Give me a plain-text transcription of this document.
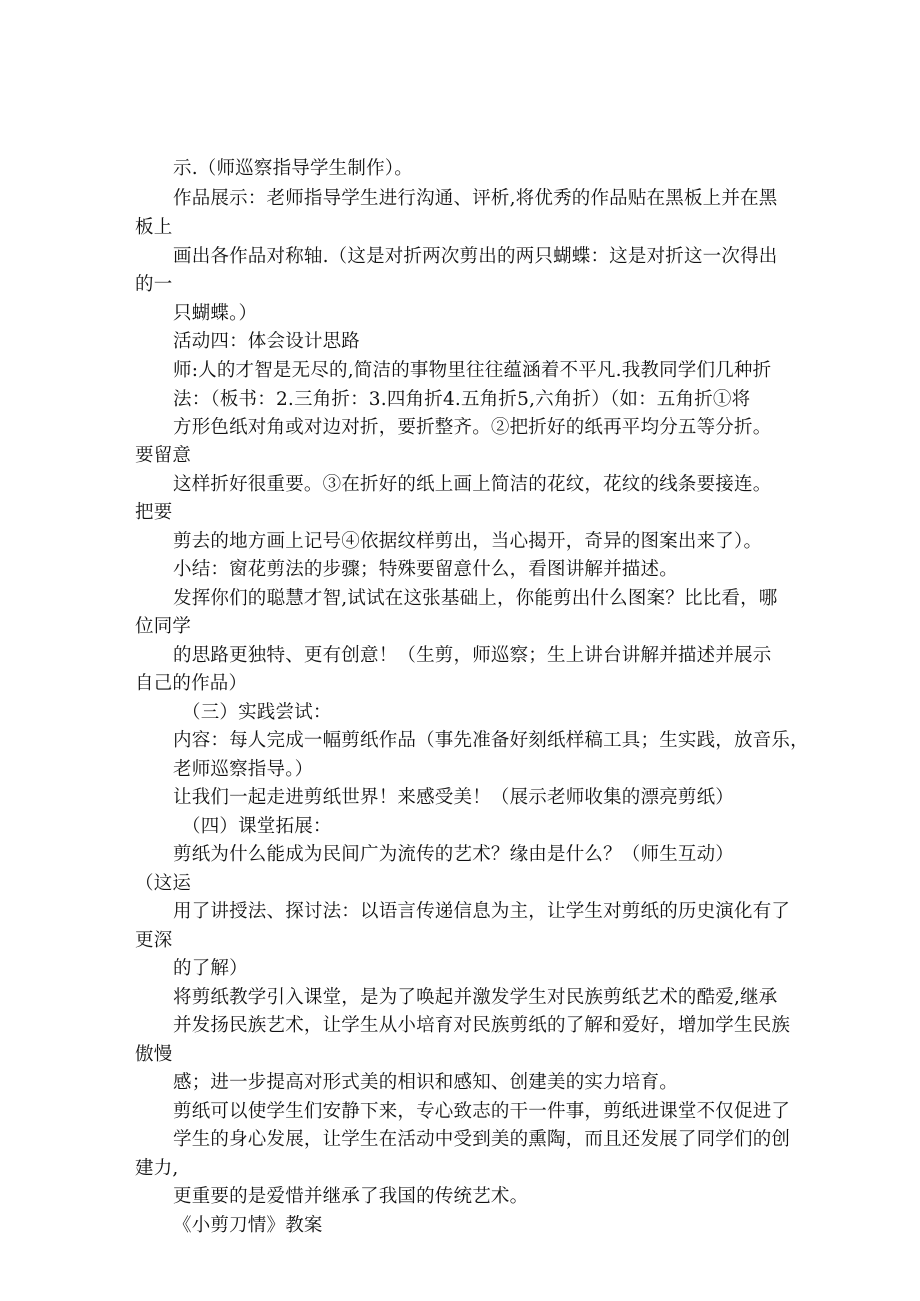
示.（师巡察指导学生制作）。
作品展示：老师指导学生进行沟通、评析,将优秀的作品贴在黑板上并在黑
板上
画出各作品对称轴.（这是对折两次剪出的两只蝴蝶：这是对折这一次得出
的一
只蝴蝶。）
活动四：体会设计思路
师:人的才智是无尽的,简洁的事物里往往蕴涵着不平凡.我教同学们几种折
法：（板书：2.三角折：3.四角折4.五角折5,六角折）（如：五角折①将
方形色纸对角或对边对折，要折整齐。②把折好的纸再平均分五等分折。
要留意
这样折好很重要。③在折好的纸上画上简洁的花纹，花纹的线条要接连。
把要
剪去的地方画上记号④依据纹样剪出，当心揭开，奇异的图案出来了）。
小结：窗花剪法的步骤；特殊要留意什么，看图讲解并描述。
发挥你们的聪慧才智,试试在这张基础上，你能剪出什么图案？比比看，哪
位同学
的思路更独特、更有创意！（生剪，师巡察；生上讲台讲解并描述并展示
自己的作品）
（三）实践尝试：
内容：每人完成一幅剪纸作品（事先准备好刻纸样稿工具；生实践，放音乐，
老师巡察指导。）
让我们一起走进剪纸世界！来感受美！（展示老师收集的漂亮剪纸）
（四）课堂拓展：
剪纸为什么能成为民间广为流传的艺术？缘由是什么？（师生互动）
（这运
用了讲授法、探讨法：以语言传递信息为主，让学生对剪纸的历史演化有了
更深
的了解）
将剪纸教学引入课堂，是为了唤起并激发学生对民族剪纸艺术的酷爱,继承
并发扬民族艺术，让学生从小培育对民族剪纸的了解和爱好，增加学生民族
傲慢
感；进一步提高对形式美的相识和感知、创建美的实力培育。
剪纸可以使学生们安静下来，专心致志的干一件事，剪纸进课堂不仅促进了
学生的身心发展，让学生在活动中受到美的熏陶，而且还发展了同学们的创
建力,
更重要的是爱惜并继承了我国的传统艺术。
《小剪刀情》教案
